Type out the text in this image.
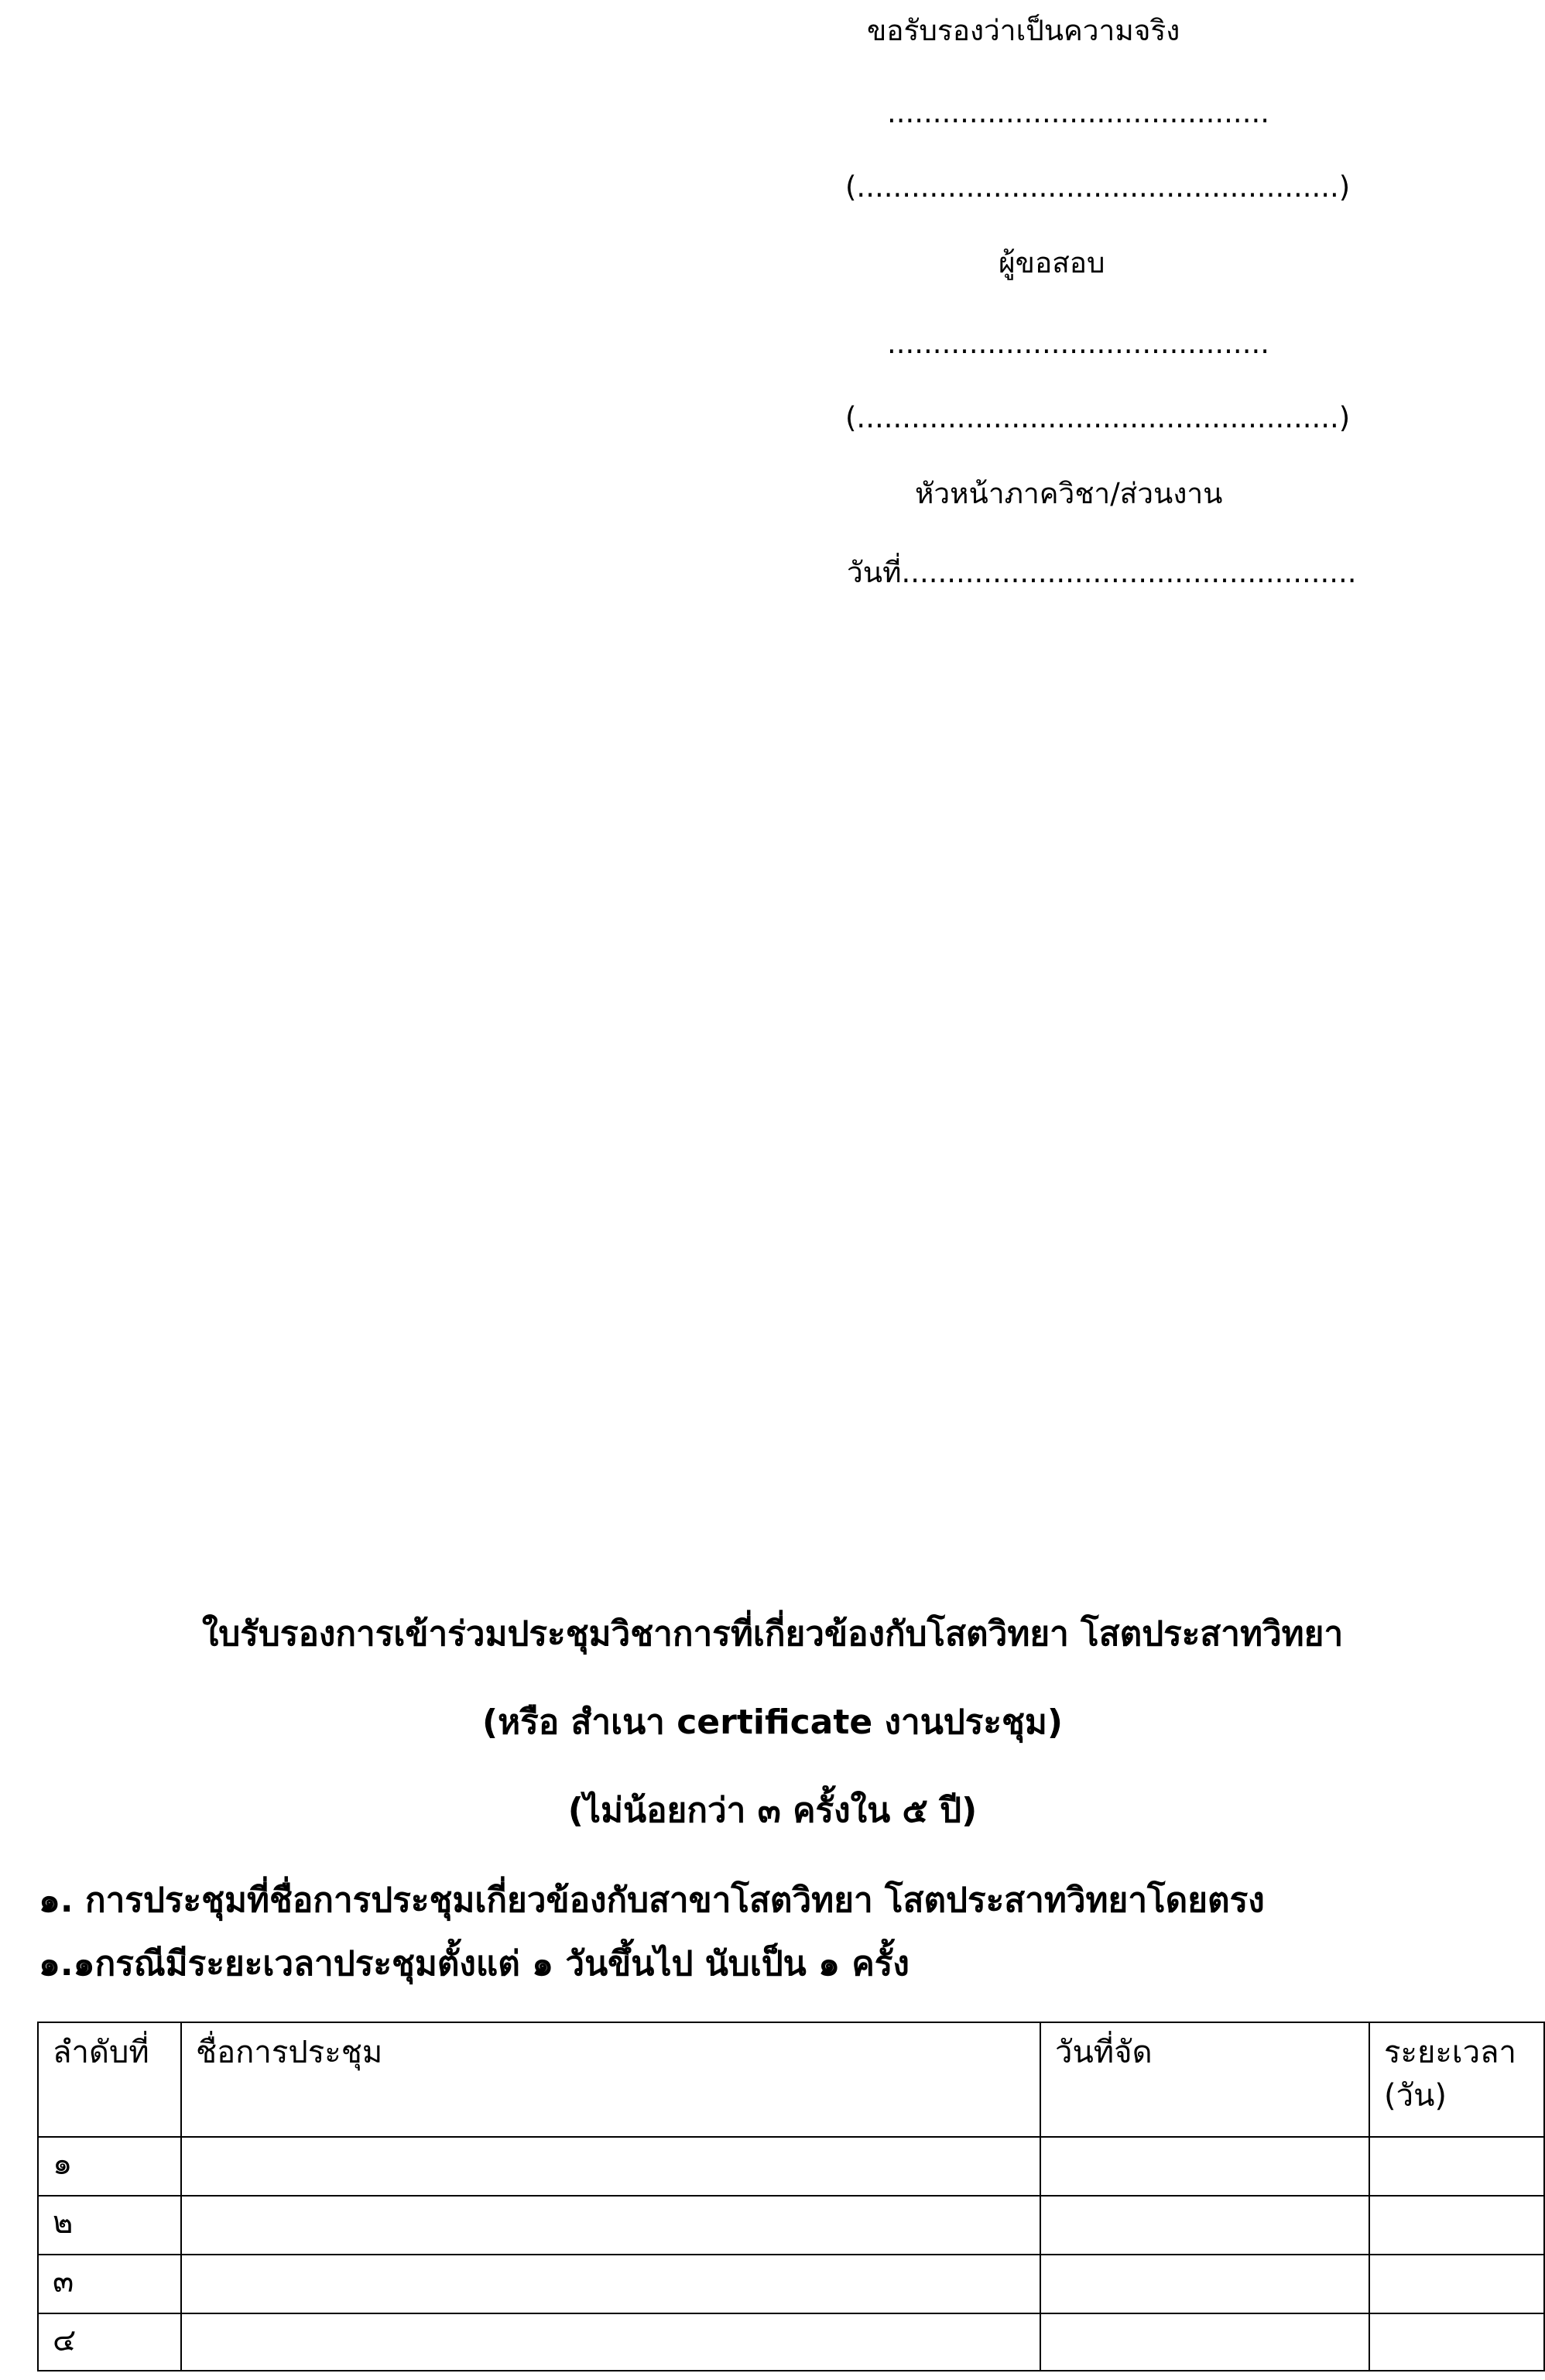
ขอรับรองว่าเป็นความจริง
..........................................
(.....................................................)
ผู้ขอสอบ
..........................................
(.....................................................)
หัวหน้าภาควิชา/ส่วนงาน
วันที่..................................................
ใบรับรองการเข้าร่วมประชุมวิชาการที่เกี่ยวข้องกับโสตวิทยา โสตประสาทวิทยา
(หรือ สำเนา certificate งานประชุม)
(ไม่น้อยกว่า ๓ ครั้งใน ๕ ปี)
๑. การประชุมที่ชื่อการประชุมเกี่ยวข้องกับสาขาโสตวิทยา โสตประสาทวิทยาโดยตรง
๑.๑กรณีมีระยะเวลาประชุมตั้งแต่ ๑ วันขึ้นไป นับเป็น ๑ ครั้ง
ลำดับที่	ชื่อการประชุม	วันที่จัด	ระยะเวลา
(วัน)
๑			
๒			
๓			
๔			
